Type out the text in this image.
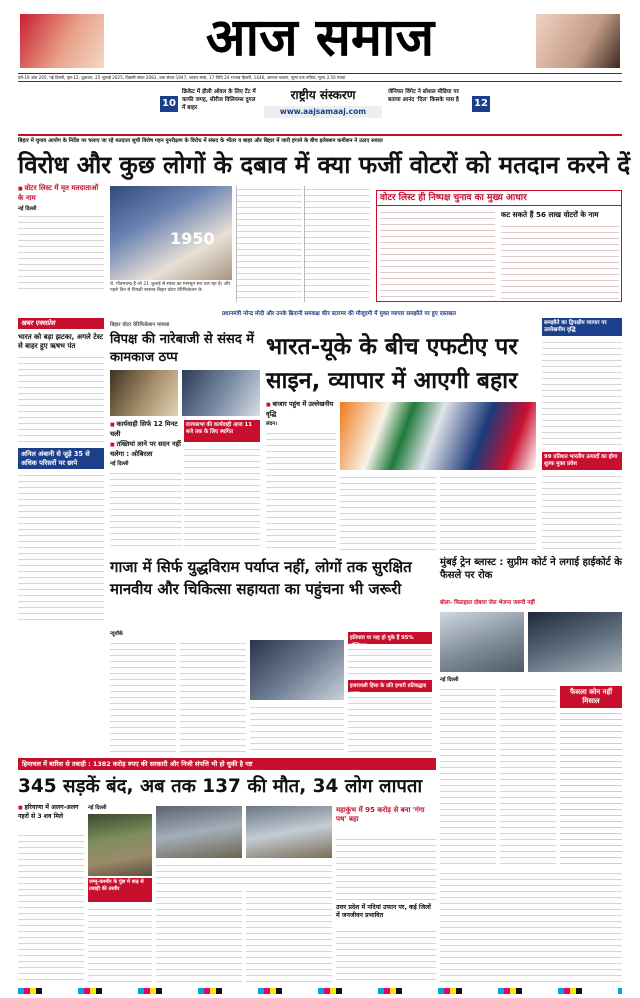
आज समाज
वर्ष-19 अंक 205, नई दिल्ली, पृष्ठ-12, शुक्रवार, 25 जुलाई 2025, विक्रमी संवत 2082, शक संवत-1947, श्रावण-मास, 17 तिथि 24 रज्जब हिजरी, 1446, अमान्त-श्रावण, मूल्य एक रुपिया, मूल्य 3.50 रुपया
10
क्रिकेट में हीली ओवल के लिए टेंट में काफी जगह, सीरीज विलियम्स दुगल में बाहर
राष्ट्रीय संस्करण
www.aajsamaaj.com
जेनिफर विंगेट ने सोशल मीडिया पर बताया आनंद 'दिल' किसके पास है	12
बिहार में चुनाव आयोग के निर्देश पर चलाए जा रहे मतदाता सूची विशेष गहन पुनरीक्षण के विरोध में संसद के भीतर व बाहर और बिहार में जारी हंगामे के बीच इलेक्शन कमीशन ने उठाए सवाल
विरोध और कुछ लोगों के दबाव में क्या फर्जी वोटरों को मतदान करने दें
■ वोटर लिस्ट में मृत मतदाताओं के नाम
नई दिल्ली
1950
रो. गौतमचन्द्र हैं जो 21 जुलाई से संसद का मानसून सत्र चल रहा है। और पहले दिन से विपक्षी बरसात बिहार वोटर वेरिफिकेशन के
वोटर लिस्ट ही निष्पक्ष चुनाव का मुख्य आधार
कट सकते हैं 56 लाख वोटरों के नाम
प्रधानमंत्री नरेन्द्र मोदी और उनके ब्रितानी समकक्ष कीर स्टारमर की मौजूदगी में मुक्त व्यापार समझौते पर हुए दस्तखत
खबर एक्सप्रेस
भारत को बड़ा झटका, अगले टेस्ट से बाहर हुए ऋषभ पंत
अनिल अंबानी से जुड़े 35 से अधिक परिसरों पर छापे
बिहार वोटर वेरिफिकेशन मामला
विपक्ष की नारेबाजी से संसद में कामकाज ठप्प
■ कार्यवाही सिर्फ 12 मिनट चली
■ तख्तियां लाने पर सदन नहीं चलेगा : ओबिरला
नई दिल्ली
राज्यसभा की कार्यवाही आज 11 बजे तक के लिए स्थगित
भारत-यूके के बीच एफटीए पर
साइन, व्यापार में आएगी बहार
■ बाजार पहुंच में उल्लेखनीय वृद्धि
लंदन।
समझौते का द्विपक्षीय व्यापार पर उल्लेखनीय वृद्धि
99 प्रतिशत भारतीय उत्पादों का होगा शुल्क मुक्त प्रवेश
गाजा में सिर्फ युद्धविराम पर्याप्त नहीं, लोगों तक सुरक्षित मानवीय और चिकित्सा सहायता का पहुंचना भी जरूरी
न्यूयॉर्क
हतियारा या नाह हो चुके हैं 95%
इजरायली हिंसा के प्रति हमारी प्रतिबद्धता
मुंबई ट्रेन ब्लास्ट : सुप्रीम कोर्ट ने लगाई हाईकोर्ट के फैसले पर रोक
बोला- फिलहाल दोबारा जेल भेजना जरूरी नहीं
नई दिल्ली
फैसला कोन नहीं मिसाल
हिमाचल में बारिश से तबाही : 1382 करोड़ रुपए की सरकारी और निजी संपत्ति भी हो चुकी है नष्ट
345 सड़कें बंद, अब तक 137 की मौत, 34 लोग लापता
■ हरियाणा में अलग-अलग नहरों से 3 शव मिले
नई दिल्ली
जम्मू-कश्मीर के पुंछ में बाढ़ से तबाही की तस्वीर
महाकुंभ में 95 करोड़ से बना 'गंगा पथ' बहा
उत्तर प्रदेश में नदियां उफान पर, कई जिलों में जनजीवन प्रभावित
